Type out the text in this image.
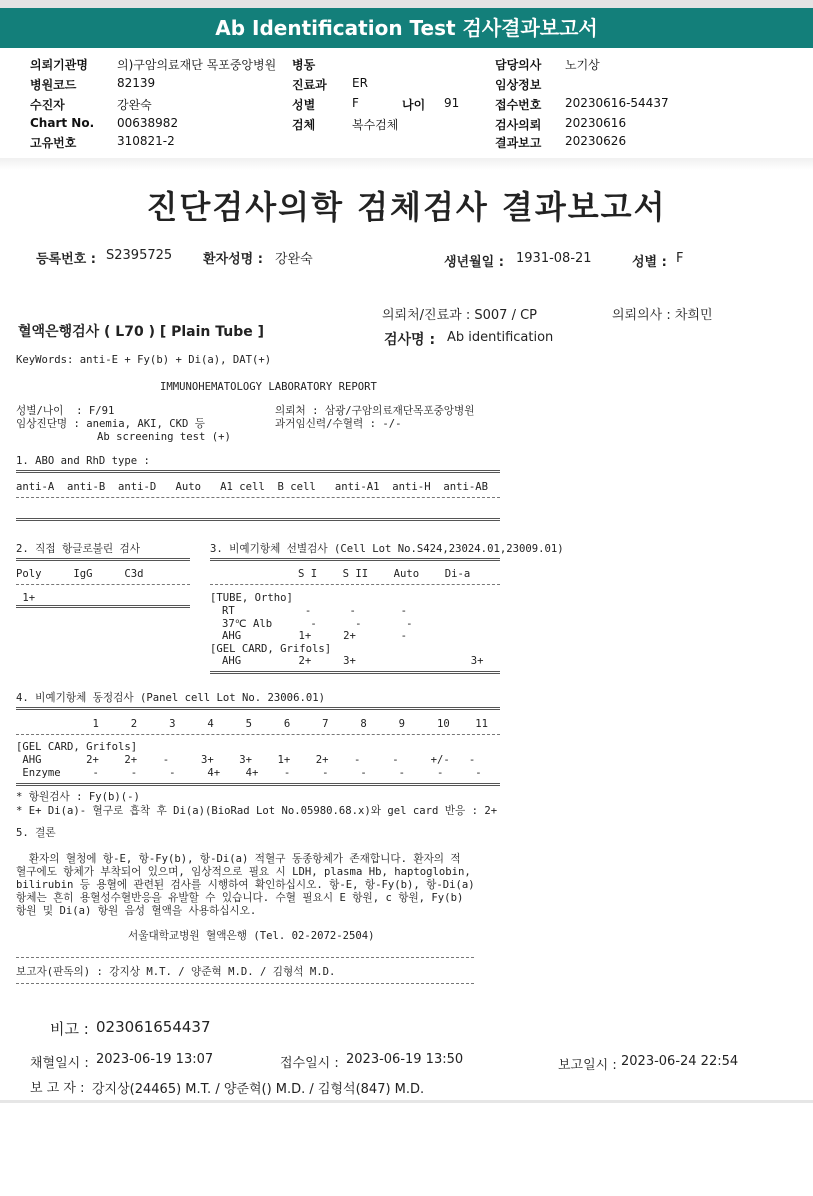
Ab Identification Test 검사결과보고서
의뢰기관명 의)구암의료재단 목포중앙병원
병원코드	82139
수진자	강완숙
Chart No. 00638982
고유번호	310821-2
병동
진료과 ER
성별	F	나이 91
검체	복수검체
담당의사 노기상
임상정보
접수번호 20230616-54437
검사의뢰 20230616
결과보고 20230626
진단검사의학 검체검사 결과보고서
등록번호 : S2395725 환자성명 : 강완숙	생년월일 : 1931-08-21	성별 : F
의뢰처/진료과 : S007 / CP	의뢰의사 : 차희민
혈액은행검사 ( L70 ) [ Plain Tube ]	검사명 : Ab identification
KeyWords: anti-E + Fy(b) + Di(a), DAT(+)
IMMUNOHEMATOLOGY LABORATORY REPORT
성별/나이  : F/91
임상진단명 : anemia, AKI, CKD 등
Ab screening test (+)
의뢰처 : 삼광/구암의료재단목포중앙병원
과거임신력/수혈력 : -/-
1. ABO and RhD type :
anti-A  anti-B  anti-D   Auto   A1 cell  B cell   anti-A1  anti-H  anti-AB
2. 직접 항글로불린 검사	3. 비예기항체 선별검사 (Cell Lot No.S424,23024.01,23009.01)
Poly     IgG     C3d	S I    S II    Auto    Di-a
1+	[TUBE, Ortho]
RT           -      -       -
37℃ Alb      -      -       -
AHG         1+     2+       -
[GEL CARD, Grifols]
AHG         2+     3+                  3+
4. 비예기항체 동정검사 (Panel cell Lot No. 23006.01)
1     2     3     4     5     6     7     8     9     10    11
[GEL CARD, Grifols]
AHG       2+    2+    -     3+    3+    1+    2+    -     -     +/-   -
Enzyme     -     -     -     4+    4+    -     -     -     -     -     -
* 항원검사 : Fy(b)(-)
* E+ Di(a)- 혈구로 흡착 후 Di(a)(BioRad Lot No.05980.68.x)와 gel card 반응 : 2+
5. 결론
환자의 혈청에 항-E, 항-Fy(b), 항-Di(a) 적혈구 동종항체가 존재합니다. 환자의 적
혈구에도 항체가 부착되어 있으며, 임상적으로 필요 시 LDH, plasma Hb, haptoglobin,
bilirubin 등 용혈에 관련된 검사를 시행하여 확인하십시오. 항-E, 항-Fy(b), 항-Di(a)
항체는 흔히 용혈성수혈반응을 유발할 수 있습니다. 수혈 필요시 E 항원, c 항원, Fy(b)
항원 및 Di(a) 항원 음성 혈액을 사용하십시오.
서울대학교병원 혈액은행 (Tel. 02-2072-2504)
보고자(판독의) : 강지상 M.T. / 양준혁 M.D. / 김형석 M.D.
비고 : 023061654437
채혈일시 : 2023-06-19 13:07	접수일시 : 2023-06-19 13:50	보고일시 : 2023-06-24 22:54
보 고 자 : 강지상(24465) M.T. / 양준혁() M.D. / 김형석(847) M.D.
